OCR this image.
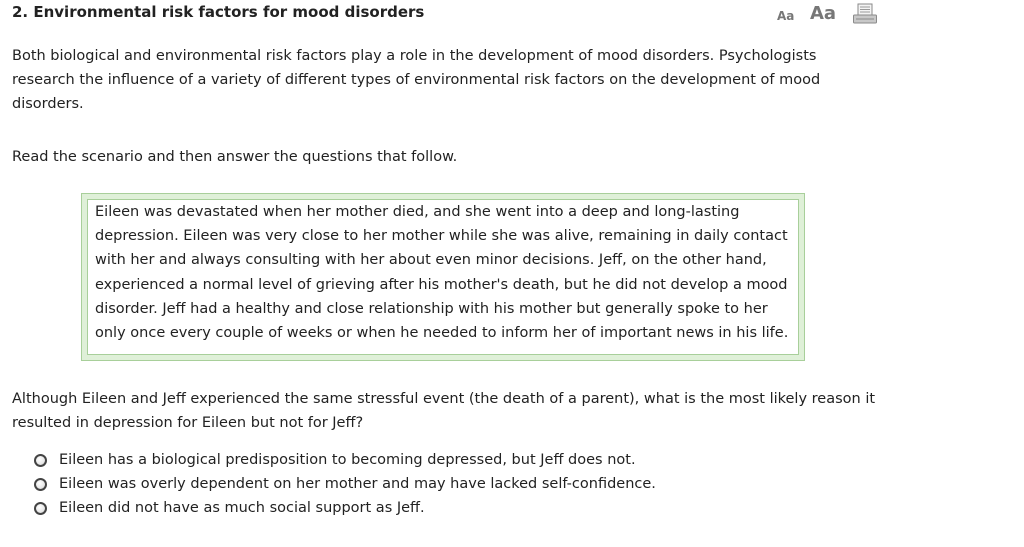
2. Environmental risk factors for mood disorders	Aa Aa

Both biological and environmental risk factors play a role in the development of mood disorders. Psychologists research the influence of a variety of different types of environmental risk factors on the development of mood disorders.

Read the scenario and then answer the questions that follow.

Eileen was devastated when her mother died, and she went into a deep and long-lasting depression. Eileen was very close to her mother while she was alive, remaining in daily contact with her and always consulting with her about even minor decisions. Jeff, on the other hand, experienced a normal level of grieving after his mother's death, but he did not develop a mood disorder. Jeff had a healthy and close relationship with his mother but generally spoke to her only once every couple of weeks or when he needed to inform her of important news in his life.

Although Eileen and Jeff experienced the same stressful event (the death of a parent), what is the most likely reason it resulted in depression for Eileen but not for Jeff?

Eileen has a biological predisposition to becoming depressed, but Jeff does not.
Eileen was overly dependent on her mother and may have lacked self-confidence.
Eileen did not have as much social support as Jeff.
